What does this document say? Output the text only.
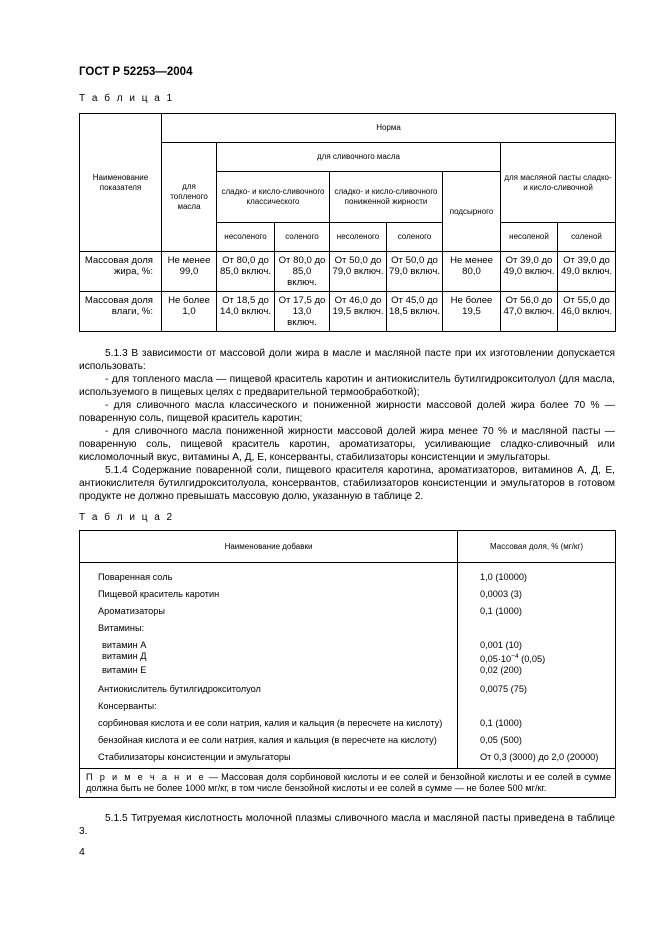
ГОСТ Р 52253—2004
Т а б л и ц а 1
Наименование показателя	Норма							
	для топленого масла	для сливочного масла					для масляной пасты сладко- и кисло-сливочной	
		сладко- и кисло-сливочного классического		сладко- и кисло-сливочного пониженной жирности		подсырного		
		несоленого	соленого	несоленого	соленого		несоленой	соленой
Массовая доля жира, %:	Не менее 99,0	От 80,0 до 85,0 включ.	От 80,0 до 85,0 включ.	От 50,0 до 79,0 включ.	От 50,0 до 79,0 включ.	Не менее 80,0	От 39,0 до 49,0 включ.	От 39,0 до 49,0 включ.
Массовая доля влаги, %:	Не более 1,0	От 18,5 до 14,0 включ.	От 17,5 до 13,0 включ.	От 46,0 до 19,5 включ.	От 45,0 до 18,5 включ.	Не более 19,5	От 56,0 до 47,0 включ.	От 55,0 до 46,0 включ.

5.1.3 В зависимости от массовой доли жира в масле и масляной пасте при их изготовлении допускается использовать:

- для топленого масла — пищевой краситель каротин и антиокислитель бутилгидрокситолуол (для масла, используемого в пищевых целях с предварительной термообработкой);

- для сливочного масла классического и пониженной жирности массовой долей жира более 70 % — поваренную соль, пищевой краситель каротин;

- для сливочного масла пониженной жирности массовой долей жира менее 70 % и масляной пасты — поваренную соль, пищевой краситель каротин, ароматизаторы, усиливающие сладко-сливочный или кисломолочный вкус, витамины А, Д, Е, консерванты, стабилизаторы консистенции и эмульгаторы.

5.1.4 Содержание поваренной соли, пищевого красителя каротина, ароматизаторов, витаминов А, Д, Е, антиокислителя бутилгидрокситолуола, консервантов, стабилизаторов консистенции и эмульгаторов в готовом продукте не должно превышать массовую долю, указанную в таблице 2.

Т а б л и ц а 2
Наименование добавки	Массовая доля, % (мг/кг)
Поваренная соль	1,0 (10000)
Пищевой краситель каротин	0,0003 (3)
Ароматизаторы	0,1 (1000)
Витамины:	
витамин А	0,001 (10)
витамин Д	$0,05\cdot 10^{-4}$ (0,05)
витамин Е	0,02 (200)
Антиокислитель бутилгидрокситолуол	0,0075 (75)
Консерванты:	
сорбиновая кислота и ее соли натрия, калия и кальция (в пересчете на кислоту)	0,1 (1000)
бензойная кислота и ее соли натрия, калия и кальция (в пересчете на кислоту)	0,05 (500)
Стабилизаторы консистенции и эмульгаторы	От 0,3 (3000) до 2,0 (20000)
П р и м е ч а н и е — Массовая доля сорбиновой кислоты и ее солей и бензойной кислоты и ее солей в сумме должна быть не более 1000 мг/кг, в том числе бензойной кислоты и ее солей в сумме — не более 500 мг/кг.	

5.1.5 Титруемая кислотность молочной плазмы сливочного масла и масляной пасты приведена в таблице 3.

4
